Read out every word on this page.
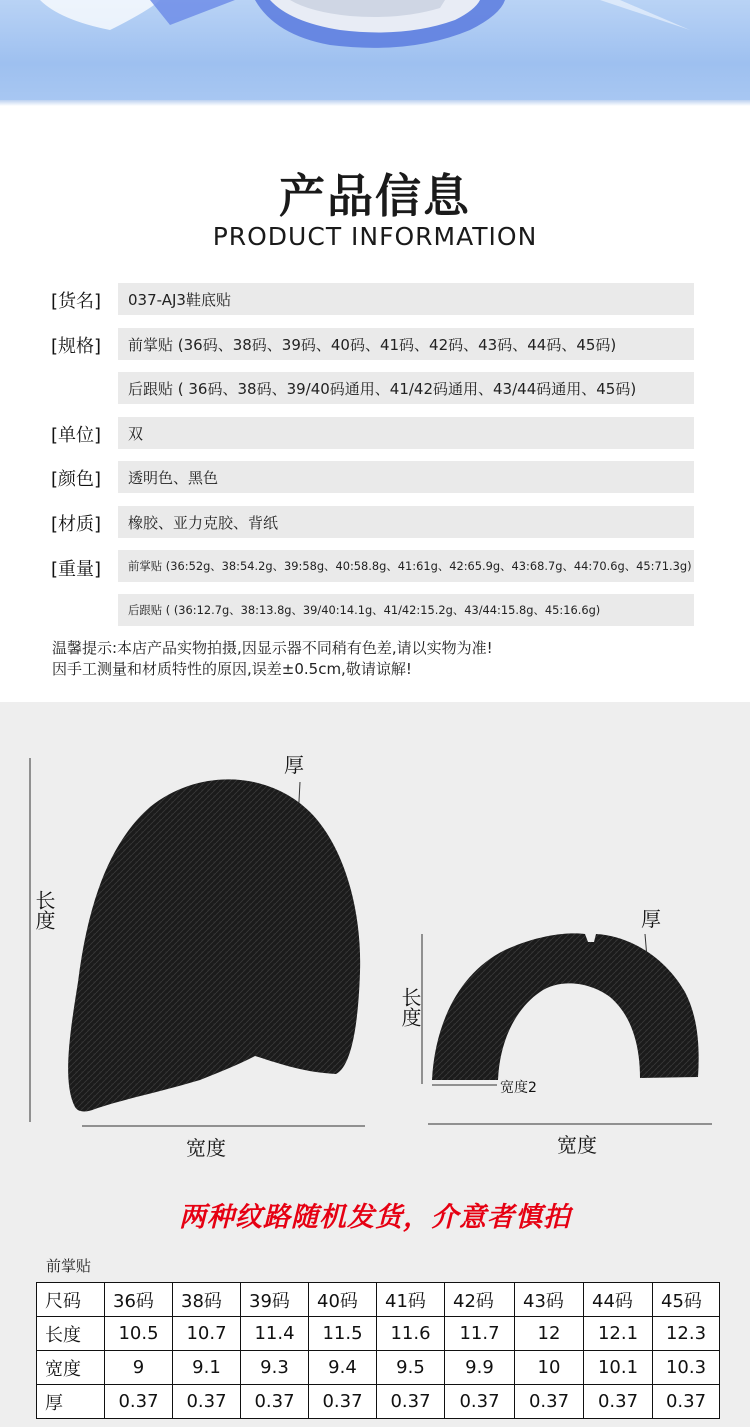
产品信息
PRODUCT INFORMATION
[货名]	037-AJ3鞋底贴
[规格]	前掌贴 (36码、38码、39码、40码、41码、42码、43码、44码、45码)
后跟贴 ( 36码、38码、39/40码通用、41/42码通用、43/44码通用、45码)
[单位]	双
[颜色]	透明色、黑色
[材质]	橡胶、亚力克胶、背纸
[重量]	前掌贴 (36:52g、38:54.2g、39:58g、40:58.8g、41:61g、42:65.9g、43:68.7g、44:70.6g、45:71.3g)
后跟贴 ( (36:12.7g、38:13.8g、39/40:14.1g、41/42:15.2g、43/44:15.8g、45:16.6g)
温馨提示:本店产品实物拍摄,因显示器不同稍有色差,请以实物为准!
因手工测量和材质特性的原因,误差±0.5cm,敬请谅解!
厚
长度
宽度
厚
长度
宽度
宽度2
两种纹路随机发货，介意者慎拍
前掌贴
尺码	36码	38码	39码	40码	41码	42码	43码	44码	45码
长度	10.5	10.7	11.4	11.5	11.6	11.7	12	12.1	12.3
宽度	9	9.1	9.3	9.4	9.5	9.9	10	10.1	10.3
厚	0.37	0.37	0.37	0.37	0.37	0.37	0.37	0.37	0.37
